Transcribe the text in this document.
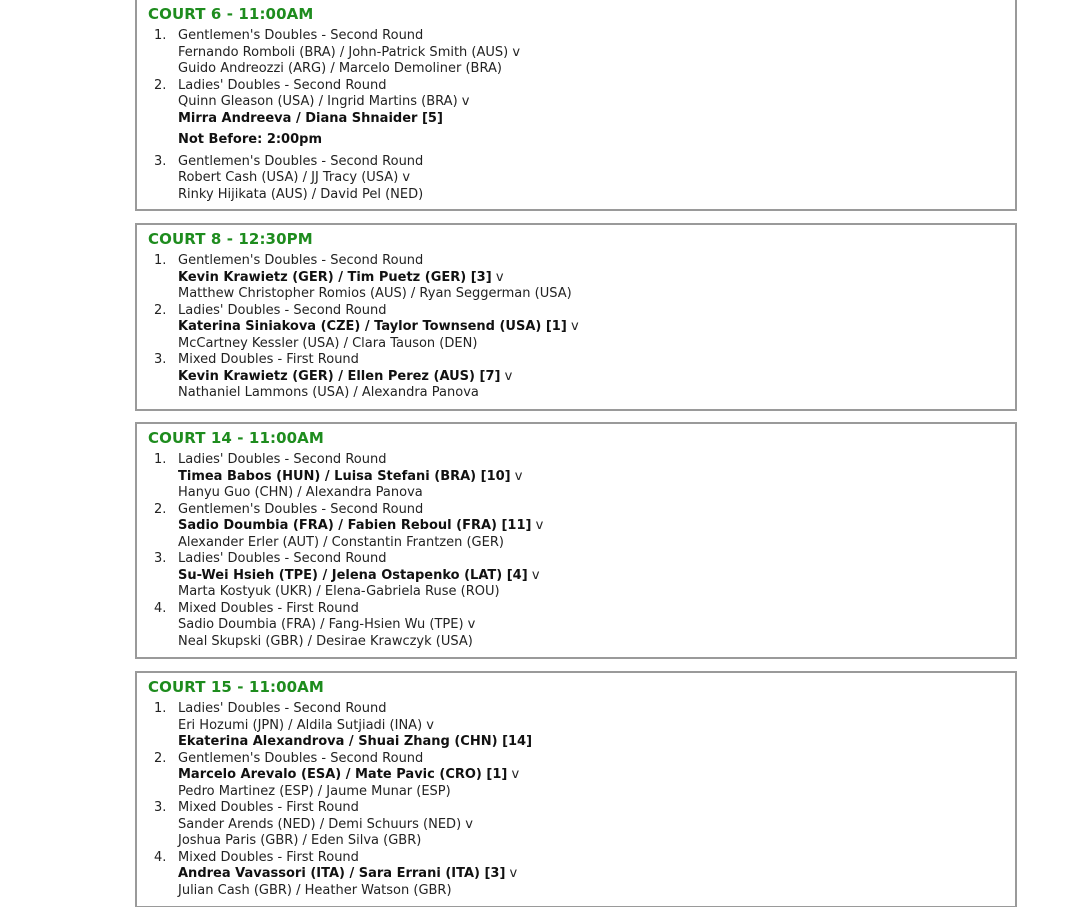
COURT 6 - 11:00AM
1. Gentlemen's Doubles - Second Round
Fernando Romboli (BRA) / John-Patrick Smith (AUS) v
Guido Andreozzi (ARG) / Marcelo Demoliner (BRA)
2. Ladies' Doubles - Second Round
Quinn Gleason (USA) / Ingrid Martins (BRA) v
Mirra Andreeva / Diana Shnaider [5]
Not Before: 2:00pm
3. Gentlemen's Doubles - Second Round
Robert Cash (USA) / JJ Tracy (USA) v
Rinky Hijikata (AUS) / David Pel (NED)
COURT 8 - 12:30PM
1. Gentlemen's Doubles - Second Round
Kevin Krawietz (GER) / Tim Puetz (GER) [3] v
Matthew Christopher Romios (AUS) / Ryan Seggerman (USA)
2. Ladies' Doubles - Second Round
Katerina Siniakova (CZE) / Taylor Townsend (USA) [1] v
McCartney Kessler (USA) / Clara Tauson (DEN)
3. Mixed Doubles - First Round
Kevin Krawietz (GER) / Ellen Perez (AUS) [7] v
Nathaniel Lammons (USA) / Alexandra Panova
COURT 14 - 11:00AM
1. Ladies' Doubles - Second Round
Timea Babos (HUN) / Luisa Stefani (BRA) [10] v
Hanyu Guo (CHN) / Alexandra Panova
2. Gentlemen's Doubles - Second Round
Sadio Doumbia (FRA) / Fabien Reboul (FRA) [11] v
Alexander Erler (AUT) / Constantin Frantzen (GER)
3. Ladies' Doubles - Second Round
Su-Wei Hsieh (TPE) / Jelena Ostapenko (LAT) [4] v
Marta Kostyuk (UKR) / Elena-Gabriela Ruse (ROU)
4. Mixed Doubles - First Round
Sadio Doumbia (FRA) / Fang-Hsien Wu (TPE) v
Neal Skupski (GBR) / Desirae Krawczyk (USA)
COURT 15 - 11:00AM
1. Ladies' Doubles - Second Round
Eri Hozumi (JPN) / Aldila Sutjiadi (INA) v
Ekaterina Alexandrova / Shuai Zhang (CHN) [14]
2. Gentlemen's Doubles - Second Round
Marcelo Arevalo (ESA) / Mate Pavic (CRO) [1] v
Pedro Martinez (ESP) / Jaume Munar (ESP)
3. Mixed Doubles - First Round
Sander Arends (NED) / Demi Schuurs (NED) v
Joshua Paris (GBR) / Eden Silva (GBR)
4. Mixed Doubles - First Round
Andrea Vavassori (ITA) / Sara Errani (ITA) [3] v
Julian Cash (GBR) / Heather Watson (GBR)
